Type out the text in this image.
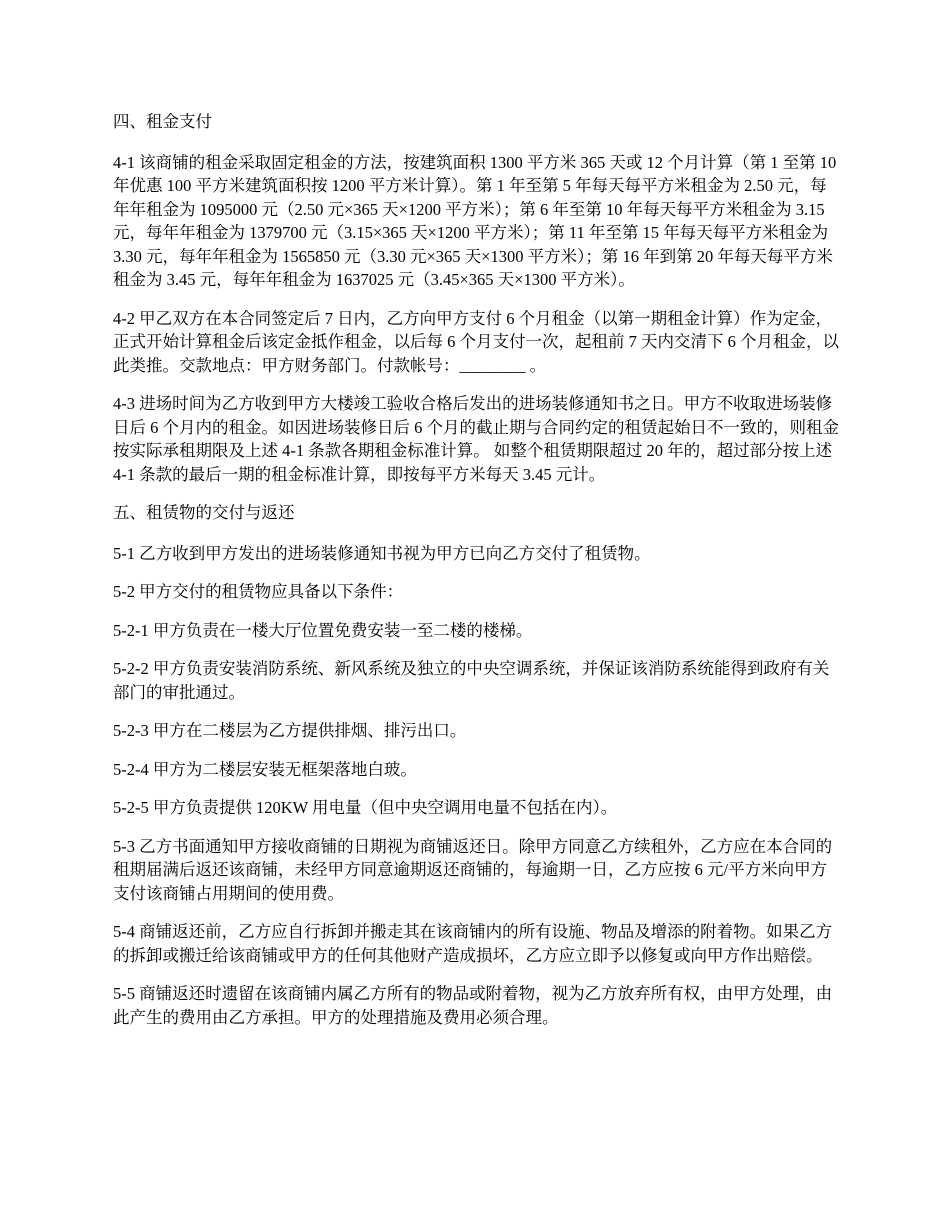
四、租金支付

4-1 该商铺的租金采取固定租金的方法，按建筑面积 1300 平方米 365 天或 12 个月计算（第 1 至第 10 年优惠 100 平方米建筑面积按 1200 平方米计算）。第 1 年至第 5 年每天每平方米租金为 2.50 元，每年年租金为 1095000 元（2.50 元×365 天×1200 平方米）；第 6 年至第 10 年每天每平方米租金为 3.15 元，每年年租金为 1379700 元（3.15×365 天×1200 平方米）；第 11 年至第 15 年每天每平方米租金为 3.30 元，每年年租金为 1565850 元（3.30 元×365 天×1300 平方米）；第 16 年到第 20 年每天每平方米租金为 3.45 元，每年年租金为 1637025 元（3.45×365 天×1300 平方米）。

4-2 甲乙双方在本合同签定后 7 日内，乙方向甲方支付 6 个月租金（以第一期租金计算）作为定金，正式开始计算租金后该定金抵作租金，以后每 6 个月支付一次，起租前 7 天内交清下 6 个月租金，以此类推。交款地点：甲方财务部门。付款帐号：________ 。

4-3 进场时间为乙方收到甲方大楼竣工验收合格后发出的进场装修通知书之日。甲方不收取进场装修日后 6 个月内的租金。如因进场装修日后 6 个月的截止期与合同约定的租赁起始日不一致的，则租金按实际承租期限及上述 4-1 条款各期租金标准计算。 如整个租赁期限超过 20 年的，超过部分按上述 4-1 条款的最后一期的租金标准计算，即按每平方米每天 3.45 元计。

五、租赁物的交付与返还

5-1 乙方收到甲方发出的进场装修通知书视为甲方已向乙方交付了租赁物。

5-2 甲方交付的租赁物应具备以下条件：

5-2-1 甲方负责在一楼大厅位置免费安装一至二楼的楼梯。

5-2-2 甲方负责安装消防系统、新风系统及独立的中央空调系统，并保证该消防系统能得到政府有关部门的审批通过。

5-2-3 甲方在二楼层为乙方提供排烟、排污出口。

5-2-4 甲方为二楼层安装无框架落地白玻。

5-2-5 甲方负责提供 120KW 用电量（但中央空调用电量不包括在内）。

5-3 乙方书面通知甲方接收商铺的日期视为商铺返还日。除甲方同意乙方续租外，乙方应在本合同的租期届满后返还该商铺，未经甲方同意逾期返还商铺的，每逾期一日，乙方应按 6 元/平方米向甲方支付该商铺占用期间的使用费。

5-4 商铺返还前，乙方应自行拆卸并搬走其在该商铺内的所有设施、物品及增添的附着物。如果乙方的拆卸或搬迁给该商铺或甲方的任何其他财产造成损坏，乙方应立即予以修复或向甲方作出赔偿。

5-5 商铺返还时遗留在该商铺内属乙方所有的物品或附着物，视为乙方放弃所有权，由甲方处理，由此产生的费用由乙方承担。甲方的处理措施及费用必须合理。
